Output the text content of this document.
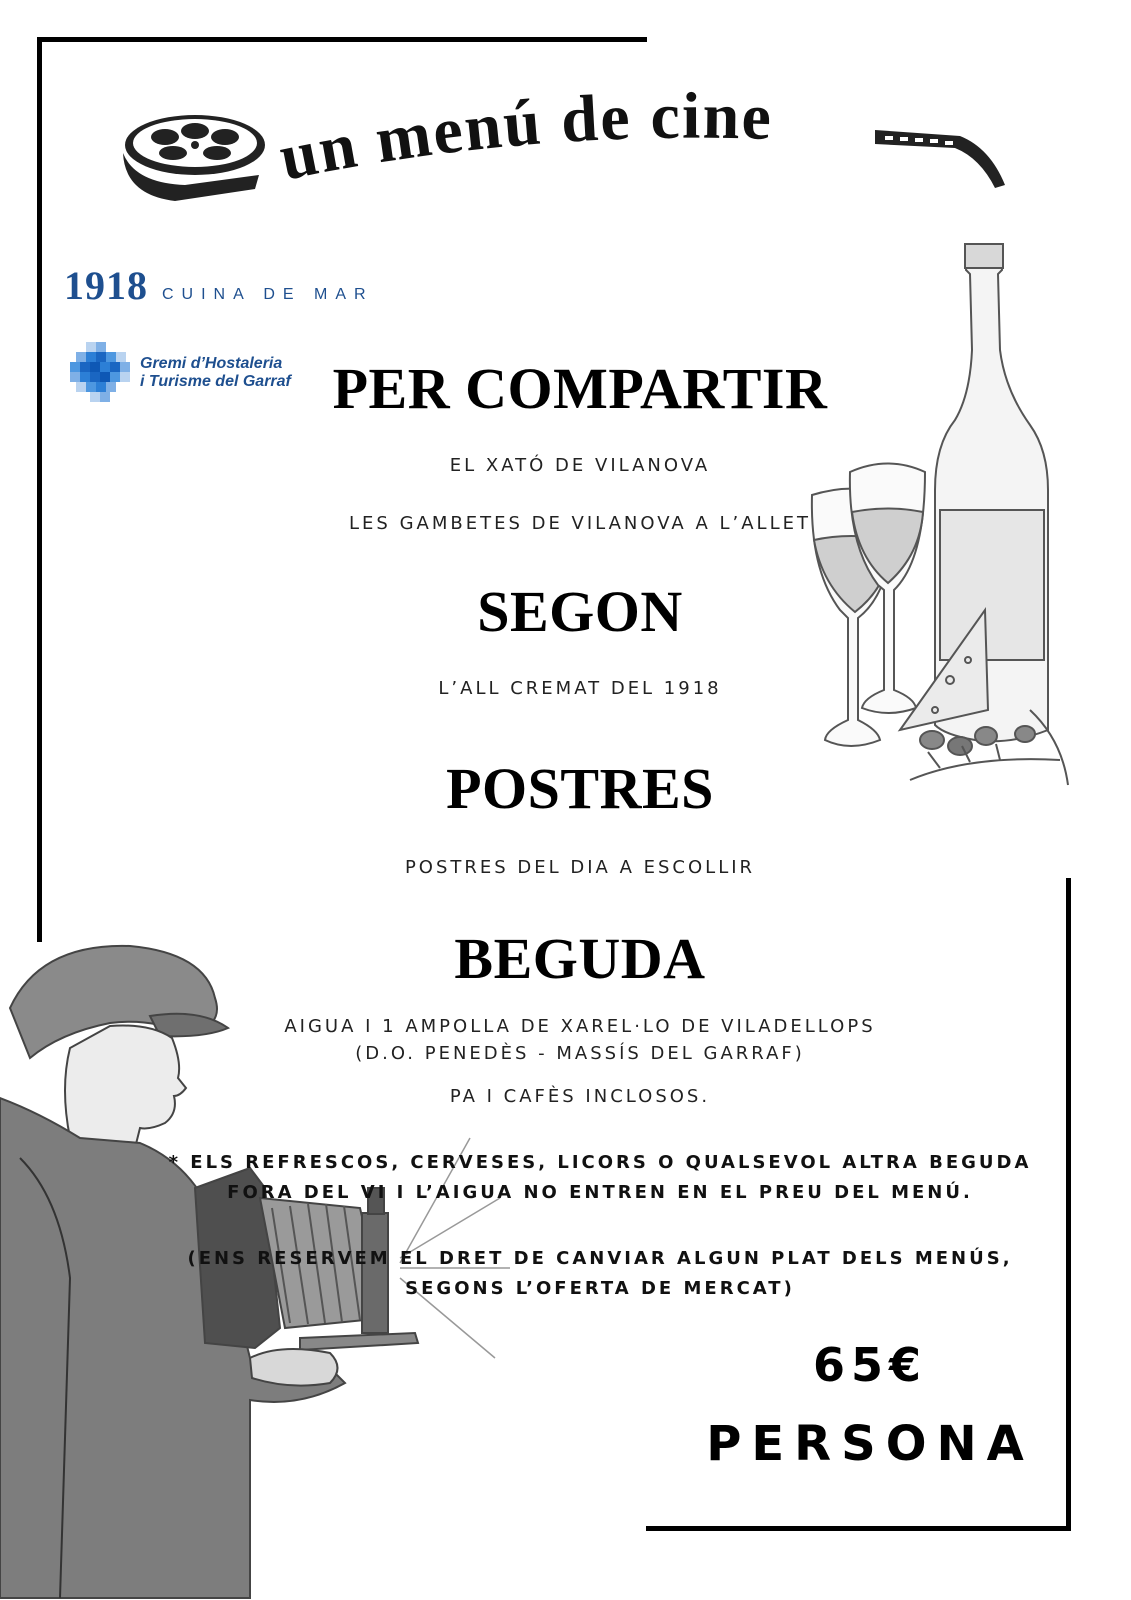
un menú de cine
1918 CUINA DE MAR
Gremi d’Hostaleria
i Turisme del Garraf PER COMPARTIR
EL XATÓ DE VILANOVA
LES GAMBETES DE VILANOVA A L’ALLET
SEGON
L’ALL CREMAT DEL 1918
POSTRES
POSTRES DEL DIA A ESCOLLIR
BEGUDA
AIGUA I 1 AMPOLLA DE XAREL·LO DE VILADELLOPS
(D.O. PENEDÈS - MASSÍS DEL GARRAF)
PA I CAFÈS INCLOSOS.
* ELS REFRESCOS, CERVESES, LICORS O QUALSEVOL ALTRA BEGUDA
FORA DEL VI I L’AIGUA NO ENTREN EN EL PREU DEL MENÚ.
(ENS RESERVEM EL DRET DE CANVIAR ALGUN PLAT DELS MENÚS,
SEGONS L’OFERTA DE MERCAT)
65€
PERSONA
